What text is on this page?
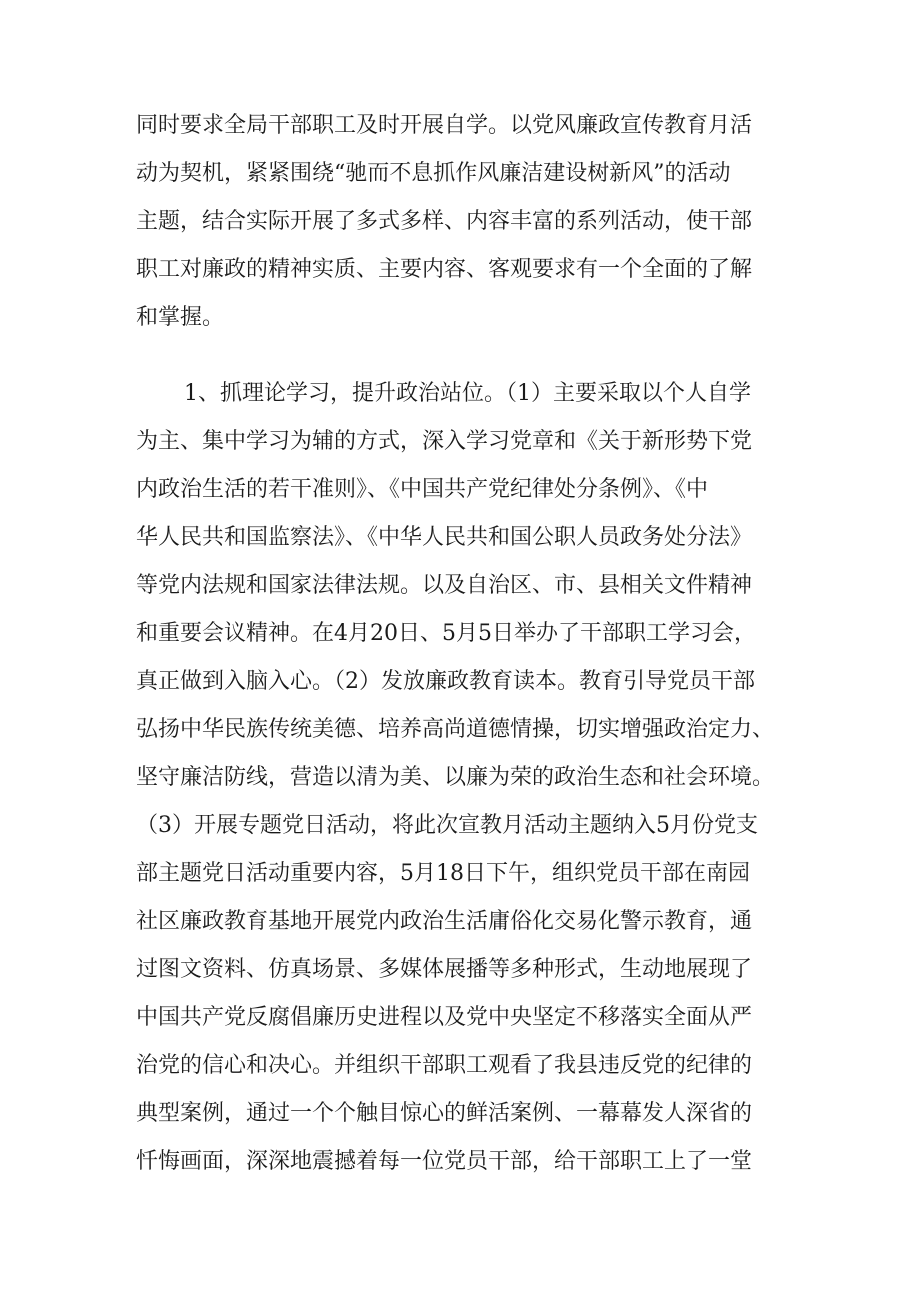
同时要求全局干部职工及时开展自学。以党风廉政宣传教育月活
动为契机，紧紧围绕“驰而不息抓作风廉洁建设树新风”的活动
主题，结合实际开展了多式多样、内容丰富的系列活动，使干部
职工对廉政的精神实质、主要内容、客观要求有一个全面的了解
和掌握。
1、抓理论学习，提升政治站位。（1）主要采取以个人自学
为主、集中学习为辅的方式，深入学习党章和《关于新形势下党
内政治生活的若干准则》、《中国共产党纪律处分条例》、《中
华人民共和国监察法》、《中华人民共和国公职人员政务处分法》
等党内法规和国家法律法规。以及自治区、市、县相关文件精神
和重要会议精神。在4月20日、5月5日举办了干部职工学习会，
真正做到入脑入心。（2）发放廉政教育读本。教育引导党员干部
弘扬中华民族传统美德、培养高尚道德情操，切实增强政治定力、
坚守廉洁防线，营造以清为美、以廉为荣的政治生态和社会环境。
（3）开展专题党日活动，将此次宣教月活动主题纳入5月份党支
部主题党日活动重要内容，5月18日下午，组织党员干部在南园
社区廉政教育基地开展党内政治生活庸俗化交易化警示教育，通
过图文资料、仿真场景、多媒体展播等多种形式，生动地展现了
中国共产党反腐倡廉历史进程以及党中央坚定不移落实全面从严
治党的信心和决心。并组织干部职工观看了我县违反党的纪律的
典型案例，通过一个个触目惊心的鲜活案例、一幕幕发人深省的
忏悔画面，深深地震撼着每一位党员干部，给干部职工上了一堂
